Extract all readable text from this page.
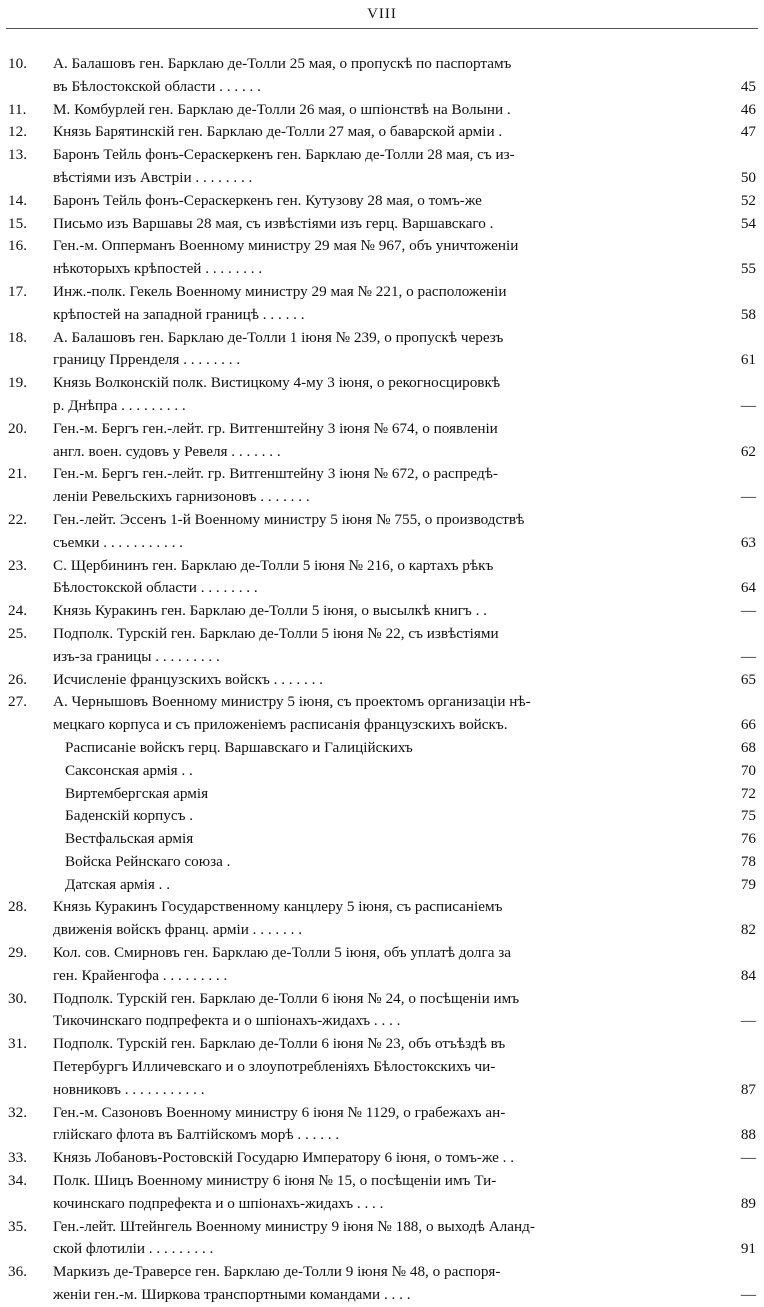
VIII
10. А. Балашовъ ген. Барклаю де-Толли 25 мая, о пропускѣ по паспортамъ
въ Бѣлостокской области . . . . . .	45
11. М. Комбурлей ген. Барклаю де-Толли 26 мая, о шпіонствѣ на Волыни .	46
12. Князь Барятинскій ген. Барклаю де-Толли 27 мая, о баварской арміи .	47
13. Баронъ Тейль фонъ-Сераскеркенъ ген. Барклаю де-Толли 28 мая, съ из-
вѣстіями изъ Австріи . . . . . . . .	50
14. Баронъ Тейль фонъ-Сераскеркенъ ген. Кутузову 28 мая, о томъ-же	52
15. Письмо изъ Варшавы 28 мая, съ извѣстіями изъ герц. Варшавскаго .	54
16. Ген.-м. Опперманъ Военному министру 29 мая № 967, объ уничтоженіи
нѣкоторыхъ крѣпостей . . . . . . . .	55
17. Инж.-полк. Гекель Военному министру 29 мая № 221, о расположеніи
крѣпостей на западной границѣ . . . . . .	58
18. А. Балашовъ ген. Барклаю де-Толли 1 іюня № 239, о пропускѣ черезъ
границу Прренделя . . . . . . . .	61
19. Князь Волконскій полк. Вистицкому 4-му 3 іюня, о рекогносцировкѣ
р. Днѣпра . . . . . . . . .	—
20. Ген.-м. Бергъ ген.-лейт. гр. Витгенштейну 3 іюня № 674, о появленіи
англ. воен. судовъ у Ревеля . . . . . . .	62
21. Ген.-м. Бергъ ген.-лейт. гр. Витгенштейну 3 іюня № 672, о распредѣ-
леніи Ревельскихъ гарнизоновъ . . . . . . .	—
22. Ген.-лейт. Эссенъ 1-й Военному министру 5 іюня № 755, о производствѣ
съемки . . . . . . . . . . .	63
23. С. Щербининъ ген. Барклаю де-Толли 5 іюня № 216, о картахъ рѣкъ
Бѣлостокской области . . . . . . . .	64
24. Князь Куракинъ ген. Барклаю де-Толли 5 іюня, о высылкѣ книгъ . .	—
25. Подполк. Турскій ген. Барклаю де-Толли 5 іюня № 22, съ извѣстіями
изъ-за границы . . . . . . . . .	—
26. Исчисленіе французскихъ войскъ . . . . . . .	65
27. А. Чернышовъ Военному министру 5 іюня, съ проектомъ организаціи нѣ-
мецкаго корпуса и съ приложеніемъ расписанія французскихъ войскъ.	66
Расписаніе войскъ герц. Варшавскаго и Галиційскихъ	68
Саксонская армія . .	70
Виртембергская армія	72
Баденскій корпусъ .	75
Вестфальская армія	76
Войска Рейнскаго союза .	78
Датская армія . .	79
28. Князь Куракинъ Государственному канцлеру 5 іюня, съ расписаніемъ
движенія войскъ франц. арміи . . . . . . .	82
29. Кол. сов. Смирновъ ген. Барклаю де-Толли 5 іюня, объ уплатѣ долга за
ген. Крайенгофа . . . . . . . . .	84
30. Подполк. Турскій ген. Барклаю де-Толли 6 іюня № 24, о посѣщеніи имъ
Тикочинскаго подпрефекта и о шпіонахъ-жидахъ . . . .	—
31. Подполк. Турскій ген. Барклаю де-Толли 6 іюня № 23, объ отъѣздѣ въ
Петербургъ Илличевскаго и о злоупотребленіяхъ Бѣлостокскихъ чи-
новниковъ . . . . . . . . . . .	87
32. Ген.-м. Сазоновъ Военному министру 6 іюня № 1129, о грабежахъ ан-
глійскаго флота въ Балтійскомъ морѣ . . . . . .	88
33. Князь Лобановъ-Ростовскій Государю Императору 6 іюня, о томъ-же . .	—
34. Полк. Шицъ Военному министру 6 іюня № 15, о посѣщеніи имъ Ти-
кочинскаго подпрефекта и о шпіонахъ-жидахъ . . . .	89
35. Ген.-лейт. Штейнгель Военному министру 9 іюня № 188, о выходѣ Аланд-
ской флотиліи . . . . . . . . .	91
36. Маркизъ де-Траверсе ген. Барклаю де-Толли 9 іюня № 48, о распоря-
женіи ген.-м. Ширкова транспортными командами . . . .	—
